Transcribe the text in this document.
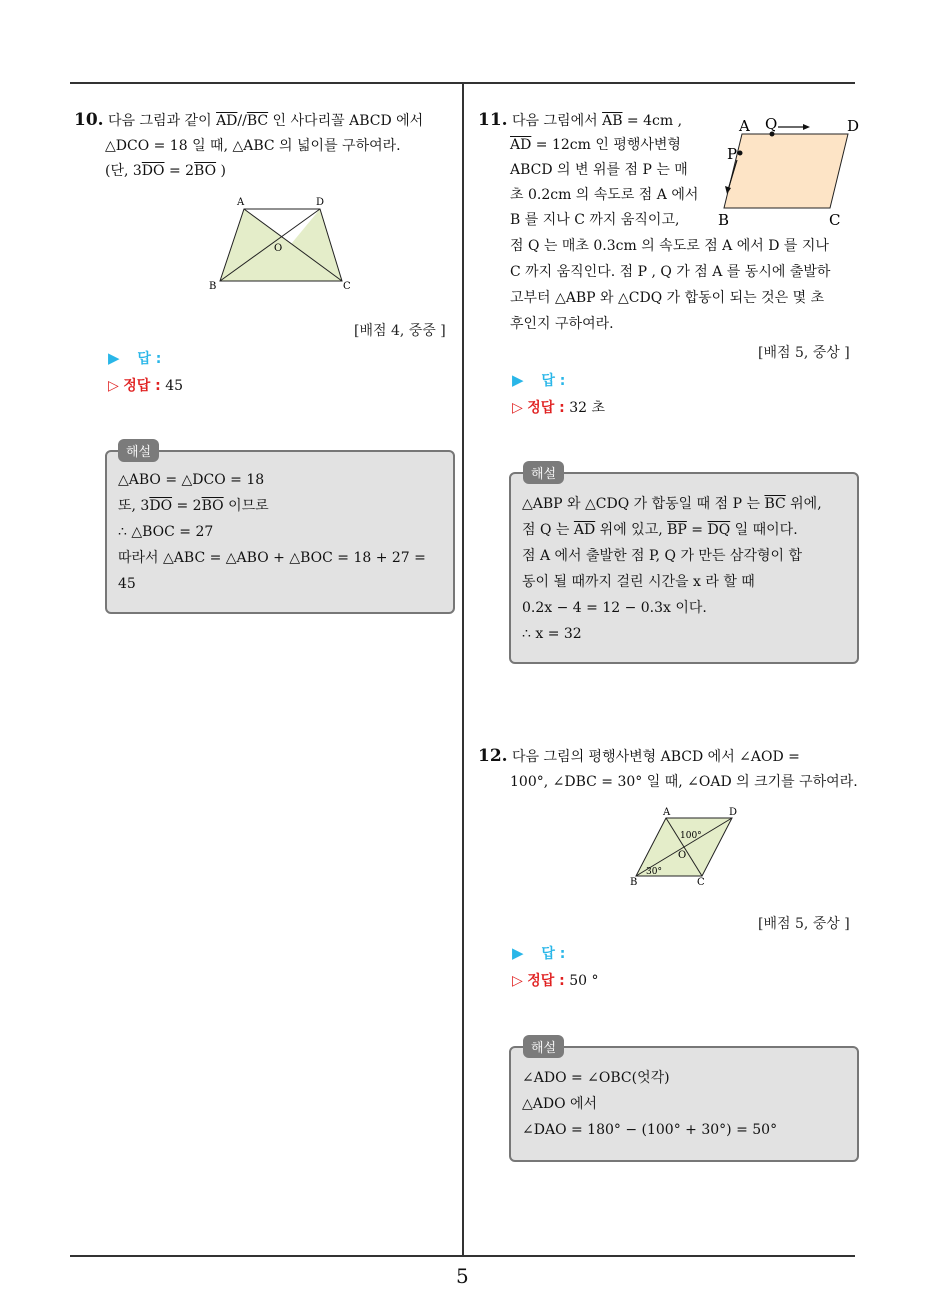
5
10. 다음 그림과 같이 $\overline{AD}//\overline{BC}$ 인 사다리꼴 ABCD 에서
△DCO = 18 일 때, △ABC 의 넓이를 구하여라.
(단, $3\overline{DO} = 2\overline{BO}$ )
A	D
O
B	C
[배점 4, 중중 ]
▶ 답 :
▷ 정답 : 45
해설
△ABO = △DCO = 18
또, $3\overline{DO} = 2\overline{BO}$ 이므로
∴ △BOC = 27
따라서 △ABC = △ABO + △BOC = 18 + 27 =
45
11. 다음 그림에서 $\overline{AB} = 4cm$ ,
$\overline{AD} = 12cm$ 인 평행사변형
ABCD 의 변 위를 점 P 는 매
초 0.2cm 의 속도로 점 A 에서
B 를 지나 C 까지 움직이고,
점 Q 는 매초 0.3cm 의 속도로 점 A 에서 D 를 지나
C 까지 움직인다. 점 P , Q 가 점 A 를 동시에 출발하
고부터 △ABP 와 △CDQ 가 합동이 되는 것은 몇 초
후인지 구하여라.
A Q	D
P
B	C
[배점 5, 중상 ]
▶ 답 :
▷ 정답 : 32 초
해설
△ABP 와 △CDQ 가 합동일 때 점 P 는 $\overline{BC}$ 위에,
점 Q 는 $\overline{AD}$ 위에 있고, $\overline{BP} = \overline{DQ}$ 일 때이다.
점 A 에서 출발한 점 P, Q 가 만든 삼각형이 합
동이 될 때까지 걸린 시간을 x 라 할 때
0.2x − 4 = 12 − 0.3x 이다.
∴ x = 32
12. 다음 그림의 평행사변형 ABCD 에서 ∠AOD =
100°, ∠DBC = 30° 일 때, ∠OAD 의 크기를 구하여라.
A	D
O
100°
30°
B	C
[배점 5, 중상 ]
▶ 답 :
▷ 정답 : 50 °
해설
∠ADO = ∠OBC(엇각)
△ADO 에서
∠DAO = 180° − (100° + 30°) = 50°
